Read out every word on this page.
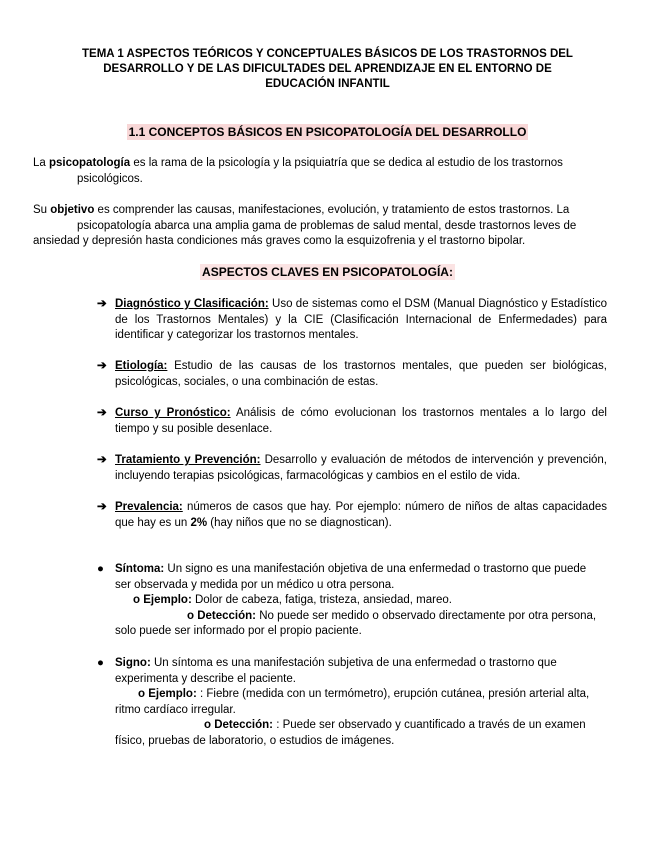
TEMA 1 ASPECTOS TEÓRICOS Y CONCEPTUALES BÁSICOS DE LOS TRASTORNOS DEL
DESARROLLO Y DE LAS DIFICULTADES DEL APRENDIZAJE EN EL ENTORNO DE
EDUCACIÓN INFANTIL
1.1 CONCEPTOS BÁSICOS EN PSICOPATOLOGÍA DEL DESARROLLO
La psicopatología es la rama de la psicología y la psiquiatría que se dedica al estudio de los trastornos
psicológicos.
Su objetivo es comprender las causas, manifestaciones, evolución, y tratamiento de estos trastornos. La
psicopatología abarca una amplia gama de problemas de salud mental, desde trastornos leves de
ansiedad y depresión hasta condiciones más graves como la esquizofrenia y el trastorno bipolar.
ASPECTOS CLAVES EN PSICOPATOLOGÍA:
➔ Diagnóstico y Clasificación: Uso de sistemas como el DSM (Manual Diagnóstico y Estadístico de los Trastornos Mentales) y la CIE (Clasificación Internacional de Enfermedades) para identificar y categorizar los trastornos mentales.
➔ Etiología: Estudio de las causas de los trastornos mentales, que pueden ser biológicas, psicológicas, sociales, o una combinación de estas.
➔ Curso y Pronóstico: Análisis de cómo evolucionan los trastornos mentales a lo largo del tiempo y su posible desenlace.
➔ Tratamiento y Prevención: Desarrollo y evaluación de métodos de intervención y prevención, incluyendo terapias psicológicas, farmacológicas y cambios en el estilo de vida.
➔ Prevalencia: números de casos que hay. Por ejemplo: número de niños de altas capacidades que hay es un 2% (hay niños que no se diagnostican).
● Síntoma: Un signo es una manifestación objetiva de una enfermedad o trastorno que puede
ser observada y medida por un médico u otra persona.
o Ejemplo: Dolor de cabeza, fatiga, tristeza, ansiedad, mareo.
o Detección: No puede ser medido o observado directamente por otra persona,
solo puede ser informado por el propio paciente.
● Signo: Un síntoma es una manifestación subjetiva de una enfermedad o trastorno que
experimenta y describe el paciente.
o Ejemplo: : Fiebre (medida con un termómetro), erupción cutánea, presión arterial alta,
ritmo cardíaco irregular.
o Detección: : Puede ser observado y cuantificado a través de un examen
físico, pruebas de laboratorio, o estudios de imágenes.
